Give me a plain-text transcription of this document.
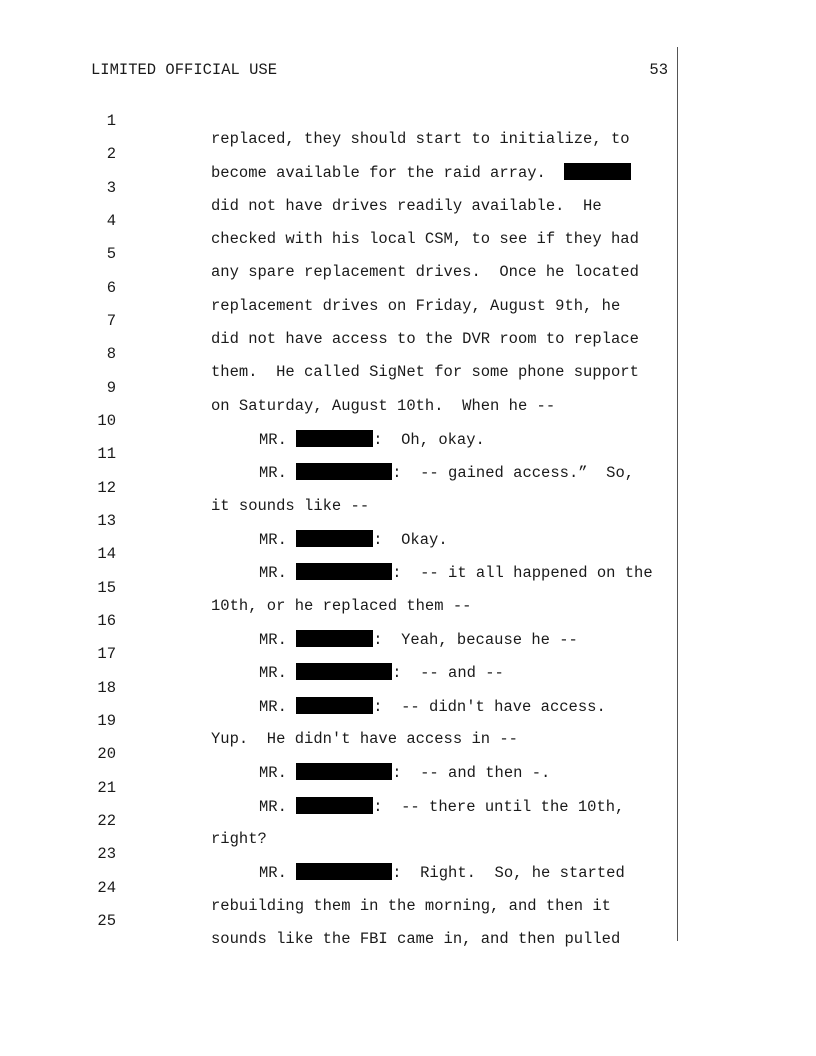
LIMITED OFFICIAL USE	53

1

replaced, they should start to initialize, to

2

become available for the raid array.

3

did not have drives readily available.  He

4

checked with his local CSM, to see if they had

5

any spare replacement drives.  Once he located

6

replacement drives on Friday, August 9th, he

7

did not have access to the DVR room to replace

8

them.  He called SigNet for some phone support

9

on Saturday, August 10th.  When he --

10

MR.	:  Oh, okay.

11

MR.	:  -- gained access.”  So,

12

it sounds like --

13

MR.	:  Okay.

14

MR.	:  -- it all happened on the

15

10th, or he replaced them --

16

MR.	:  Yeah, because he --

17

MR.	:  -- and --

18

MR.	:  -- didn't have access.

19

Yup.  He didn't have access in --

20

MR.	:  -- and then -.

21

MR.	:  -- there until the 10th,

22

right?

23

MR.	:  Right.  So, he started

24

rebuilding them in the morning, and then it

25

sounds like the FBI came in, and then pulled
